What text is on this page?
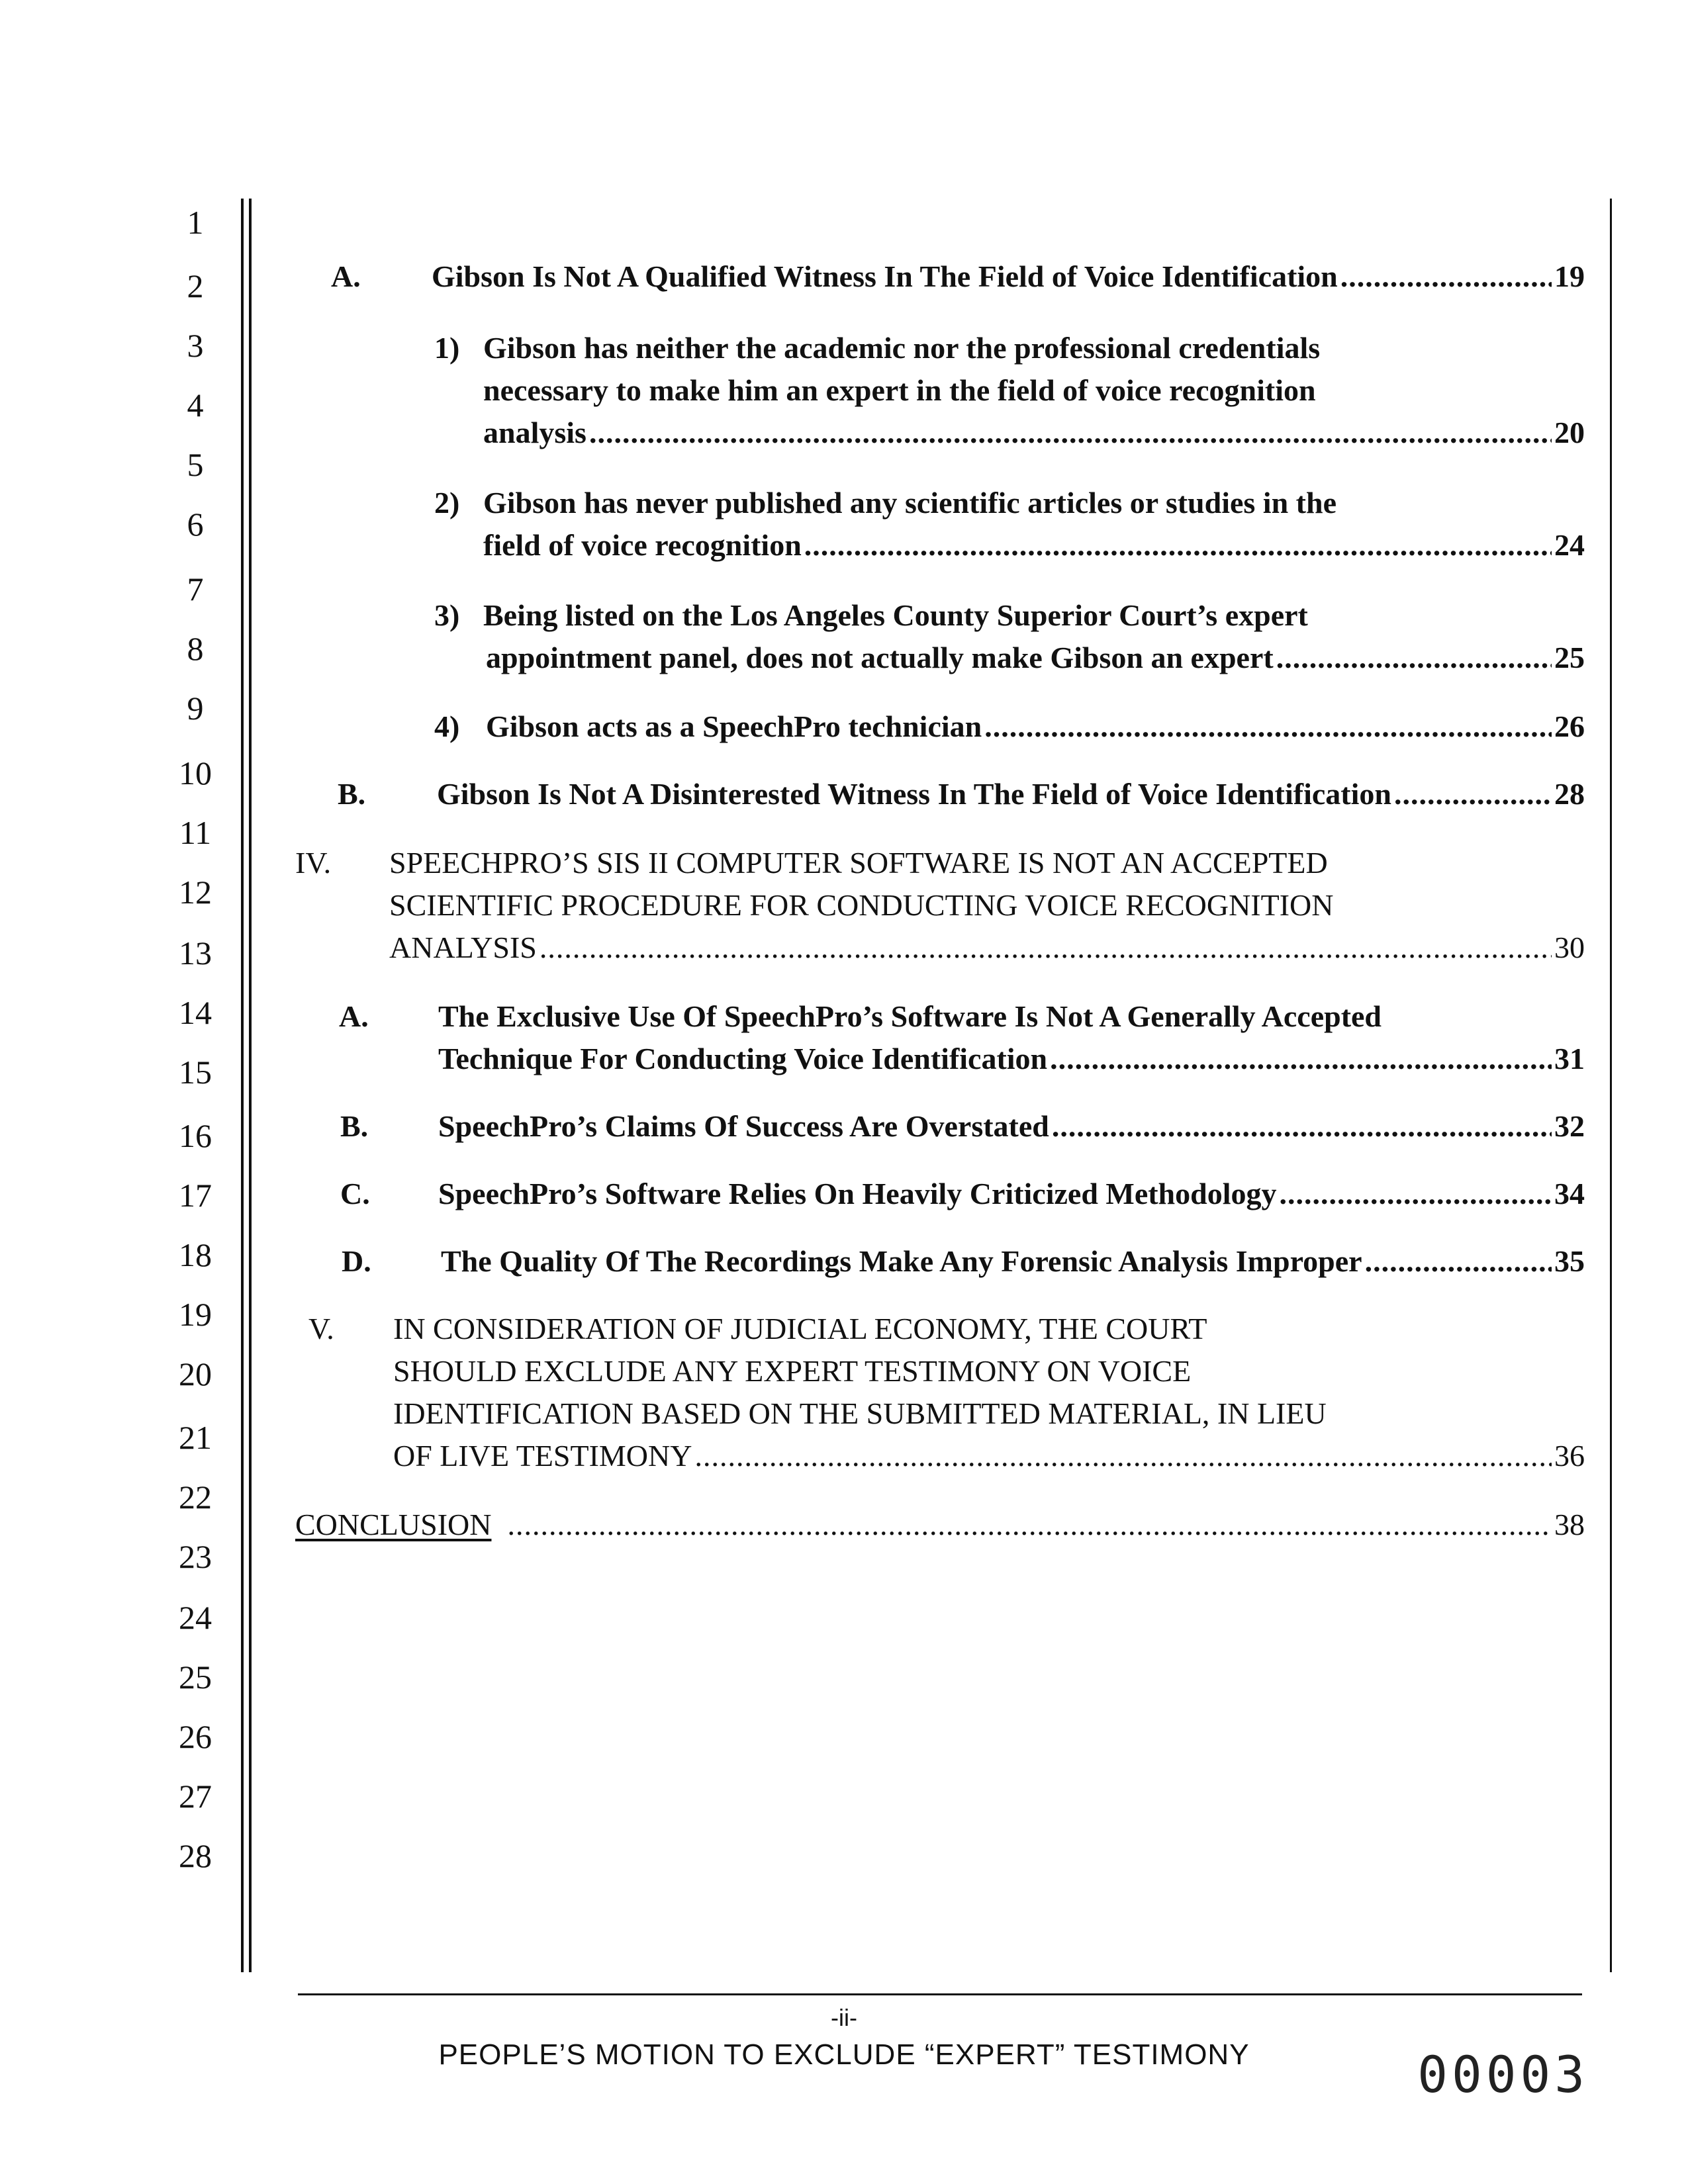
1
2
3
4
5
6
7
8
9
10
11
12
13
14
15
16
17
18
19
20
21
22
23
24
25
26
27
28
A. Gibson Is Not A Qualified Witness In The Field of Voice Identification .....	19
1) Gibson has neither the academic nor the professional credentials
necessary to make him an expert in the field of voice recognition
analysis .....	20
2) Gibson has never published any scientific articles or studies in the
field of voice recognition .....	24
3) Being listed on the Los Angeles County Superior Court’s expert
appointment panel, does not actually make Gibson an expert .....	25
4) Gibson acts as a SpeechPro technician .....	26
B. Gibson Is Not A Disinterested Witness In The Field of Voice Identification .....	28
IV. SPEECHPRO’S SIS II COMPUTER SOFTWARE IS NOT AN ACCEPTED
SCIENTIFIC PROCEDURE FOR CONDUCTING VOICE RECOGNITION
ANALYSIS .....	30
A. The Exclusive Use Of SpeechPro’s Software Is Not A Generally Accepted
Technique For Conducting Voice Identification .....	31
B. SpeechPro’s Claims Of Success Are Overstated .....	32
C. SpeechPro’s Software Relies On Heavily Criticized Methodology .....	34
D. The Quality Of The Recordings Make Any Forensic Analysis Improper .....	35
V. IN CONSIDERATION OF JUDICIAL ECONOMY, THE COURT
SHOULD EXCLUDE ANY EXPERT TESTIMONY ON VOICE
IDENTIFICATION BASED ON THE SUBMITTED MATERIAL, IN LIEU
OF LIVE TESTIMONY .....	36
CONCLUSION .....	38
-ii-
PEOPLE’S MOTION TO EXCLUDE “EXPERT” TESTIMONY	00003
